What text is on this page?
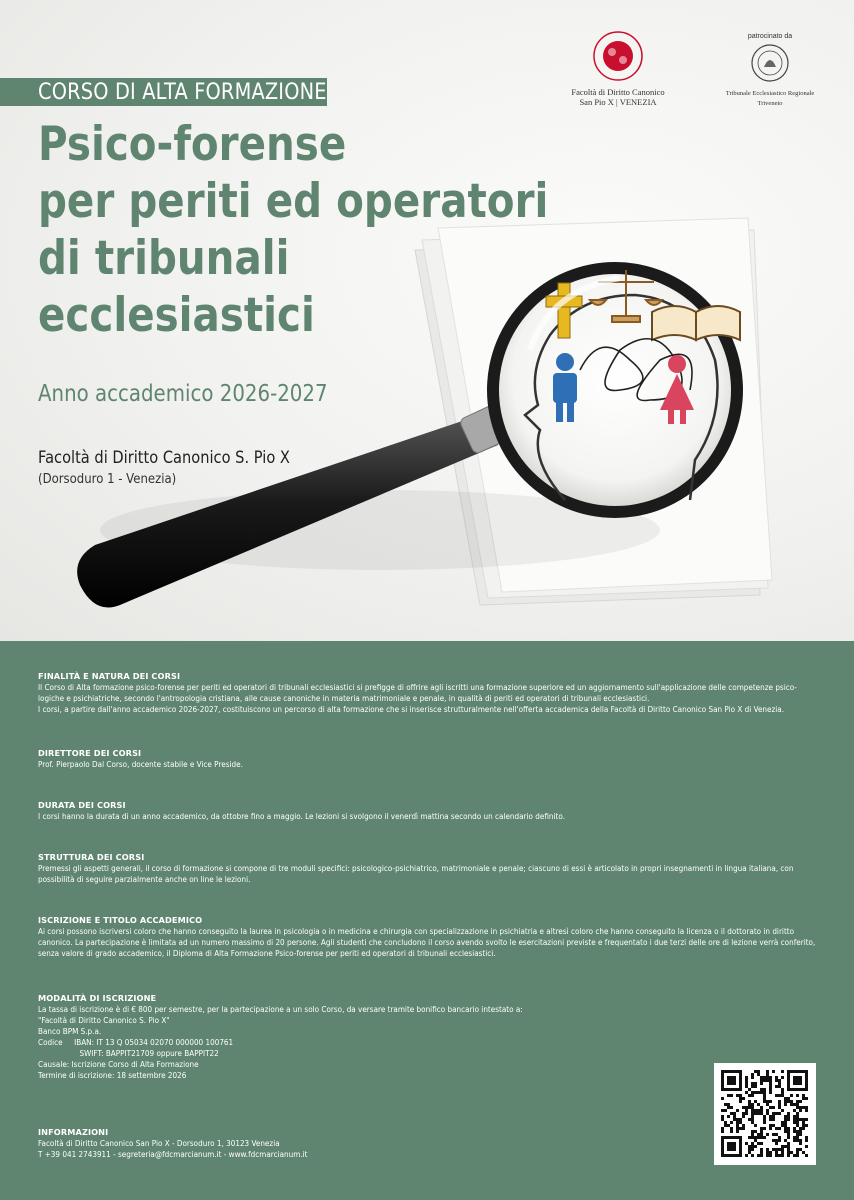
CORSO DI ALTA FORMAZIONE
Psico-forense
per periti ed operatori
di tribunali
ecclesiastici
Anno accademico 2026-2027
Facoltà di Diritto Canonico S. Pio X
(Dorsoduro 1 - Venezia)
Facoltà di Diritto Canonico
San Pio X | VENEZIA
patrocinato da
Tribunale Ecclesiastico Regionale
Triveneto
FINALITÀ E NATURA DEI CORSI

Il Corso di Alta formazione psico-forense per periti ed operatori di tribunali ecclesiastici si prefigge di offrire agli iscritti una formazione superiore ed un aggiornamento sull'applicazione delle competenze psico-

logiche e psichiatriche, secondo l'antropologia cristiana, alle cause canoniche in materia matrimoniale e penale, in qualità di periti ed operatori di tribunali ecclesiastici.

I corsi, a partire dall'anno accademico 2026-2027, costituiscono un percorso di alta formazione che si inserisce strutturalmente nell'offerta accademica della Facoltà di Diritto Canonico San Pio X di Venezia.

DIRETTORE DEI CORSI

Prof. Pierpaolo Dal Corso, docente stabile e Vice Preside.

DURATA DEI CORSI

I corsi hanno la durata di un anno accademico, da ottobre fino a maggio. Le lezioni si svolgono il venerdì mattina secondo un calendario definito.

STRUTTURA DEI CORSI

Premessi gli aspetti generali, il corso di formazione si compone di tre moduli specifici: psicologico-psichiatrico, matrimoniale e penale; ciascuno di essi è articolato in propri insegnamenti in lingua italiana, con

possibilità di seguire parzialmente anche on line le lezioni.

ISCRIZIONE E TITOLO ACCADEMICO

Ai corsi possono iscriversi coloro che hanno conseguito la laurea in psicologia o in medicina e chirurgia con specializzazione in psichiatria e altresì coloro che hanno conseguito la licenza o il dottorato in diritto

canonico. La partecipazione è limitata ad un numero massimo di 20 persone. Agli studenti che concludono il corso avendo svolto le esercitazioni previste e frequentato i due terzi delle ore di lezione verrà conferito,

senza valore di grado accademico, il Diploma di Alta Formazione Psico-forense per periti ed operatori di tribunali ecclesiastici.

MODALITÀ DI ISCRIZIONE

La tassa di iscrizione è di € 800 per semestre, per la partecipazione a un solo Corso, da versare tramite bonifico bancario intestato a:

"Facoltà di Diritto Canonico S. Pio X"

Banco BPM S.p.a.

Codice     IBAN: IT 13 Q 05034 02070 000000 100761

SWIFT: BAPPIT21709 oppure BAPPIT22

Causale: Iscrizione Corso di Alta Formazione

Termine di iscrizione: 18 settembre 2026

INFORMAZIONI

Facoltà di Diritto Canonico San Pio X - Dorsoduro 1, 30123 Venezia

T +39 041 2743911 - segreteria@fdcmarcianum.it - www.fdcmarcianum.it
